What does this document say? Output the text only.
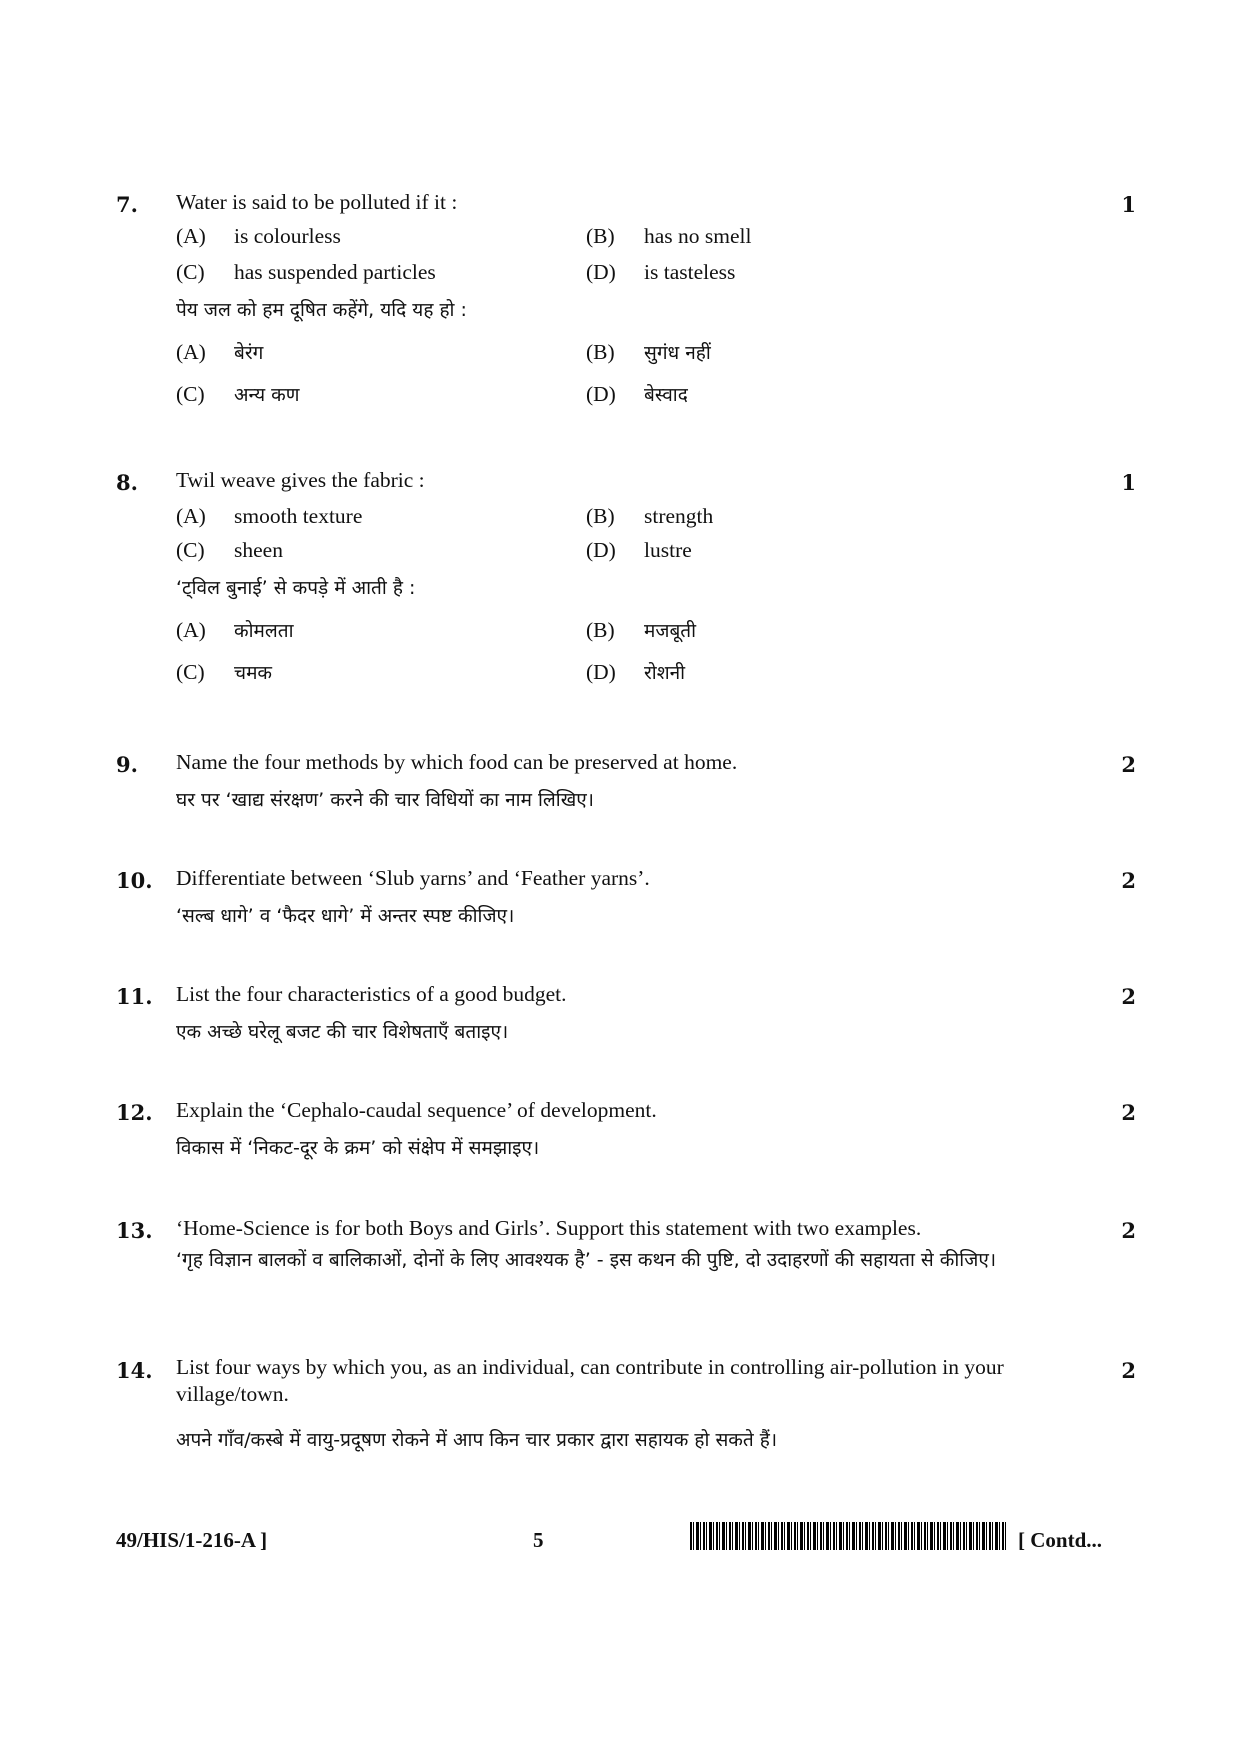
7.	1
Water is said to be polluted if it :
(A) is colourless	(B) has no smell
(C) has suspended particles	(D) is tasteless
पेय जल को हम दूषित कहेंगे, यदि यह हो :
(A) बेरंग	(B) सुगंध नहीं
(C) अन्य कण	(D) बेस्वाद
8.	1
Twil weave gives the fabric :
(A) smooth texture	(B) strength
(C) sheen	(D) lustre
‘ट्विल बुनाई’ से कपड़े में आती है :
(A) कोमलता	(B) मजबूती
(C) चमक	(D) रोशनी
9.	2
Name the four methods by which food can be preserved at home.
घर पर ‘खाद्य संरक्षण’ करने की चार विधियों का नाम लिखिए।
10.	2
Differentiate between ‘Slub yarns’ and ‘Feather yarns’.
‘सल्ब धागे’ व ‘फैदर धागे’ में अन्तर स्पष्ट कीजिए।
11.	2
List the four characteristics of a good budget.
एक अच्छे घरेलू बजट की चार विशेषताएँ बताइए।
12.	2
Explain the ‘Cephalo-caudal sequence’ of development.
विकास में ‘निकट-दूर के क्रम’ को संक्षेप में समझाइए।
13.	2
‘Home-Science is for both Boys and Girls’. Support this statement with two examples.
‘गृह विज्ञान बालकों व बालिकाओं, दोनों के लिए आवश्यक है’ - इस कथन की पुष्टि, दो उदाहरणों की सहायता से कीजिए।
14.	2
List four ways by which you, as an individual, can contribute in controlling air-pollution in your village/town.
अपने गाँव/कस्बे में वायु-प्रदूषण रोकने में आप किन चार प्रकार द्वारा सहायक हो सकते हैं।
49/HIS/1-216-A ]	5	[ Contd...
